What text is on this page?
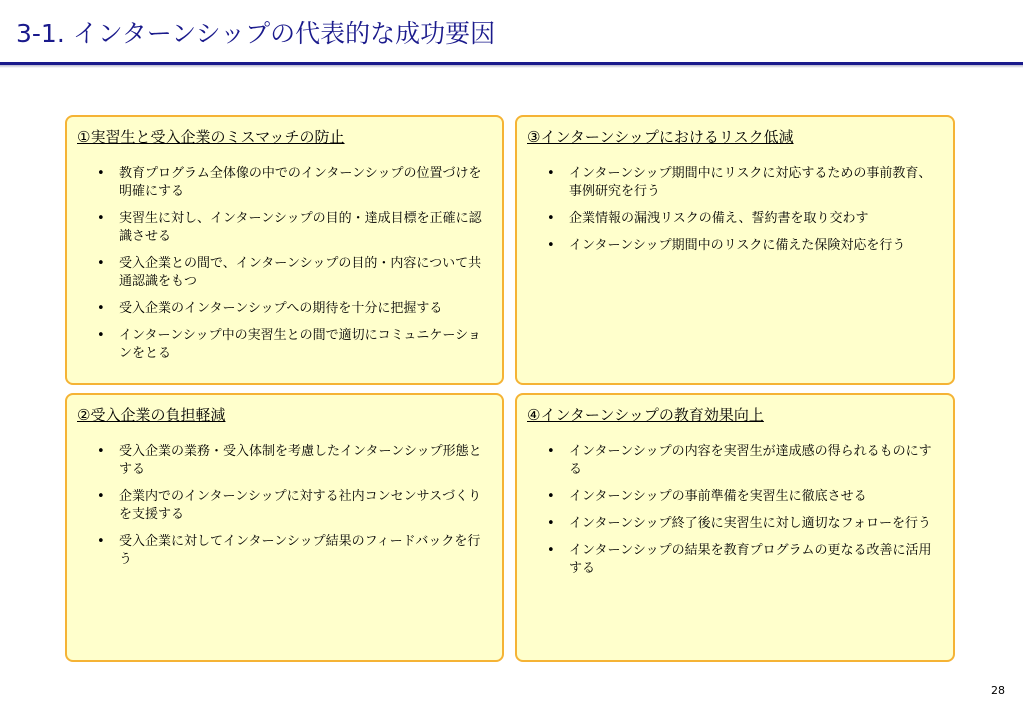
3-1. インターンシップの代表的な成功要因
①実習生と受入企業のミスマッチの防止
• 教育プログラム全体像の中でのインターンシップの位置づけを明確にする
• 実習生に対し、インターンシップの目的・達成目標を正確に認識させる
• 受入企業との間で、インターンシップの目的・内容について共通認識をもつ
• 受入企業のインターンシップへの期待を十分に把握する
• インターンシップ中の実習生との間で適切にコミュニケーションをとる
③インターンシップにおけるリスク低減
• インターンシップ期間中にリスクに対応するための事前教育、事例研究を行う
• 企業情報の漏洩リスクの備え、誓約書を取り交わす
• インターンシップ期間中のリスクに備えた保険対応を行う
②受入企業の負担軽減
• 受入企業の業務・受入体制を考慮したインターンシップ形態とする
• 企業内でのインターンシップに対する社内コンセンサスづくりを支援する
• 受入企業に対してインターンシップ結果のフィードバックを行う
④インターンシップの教育効果向上
• インターンシップの内容を実習生が達成感の得られるものにする
• インターンシップの事前準備を実習生に徹底させる
• インターンシップ終了後に実習生に対し適切なフォローを行う
• インターンシップの結果を教育プログラムの更なる改善に活用する
28
